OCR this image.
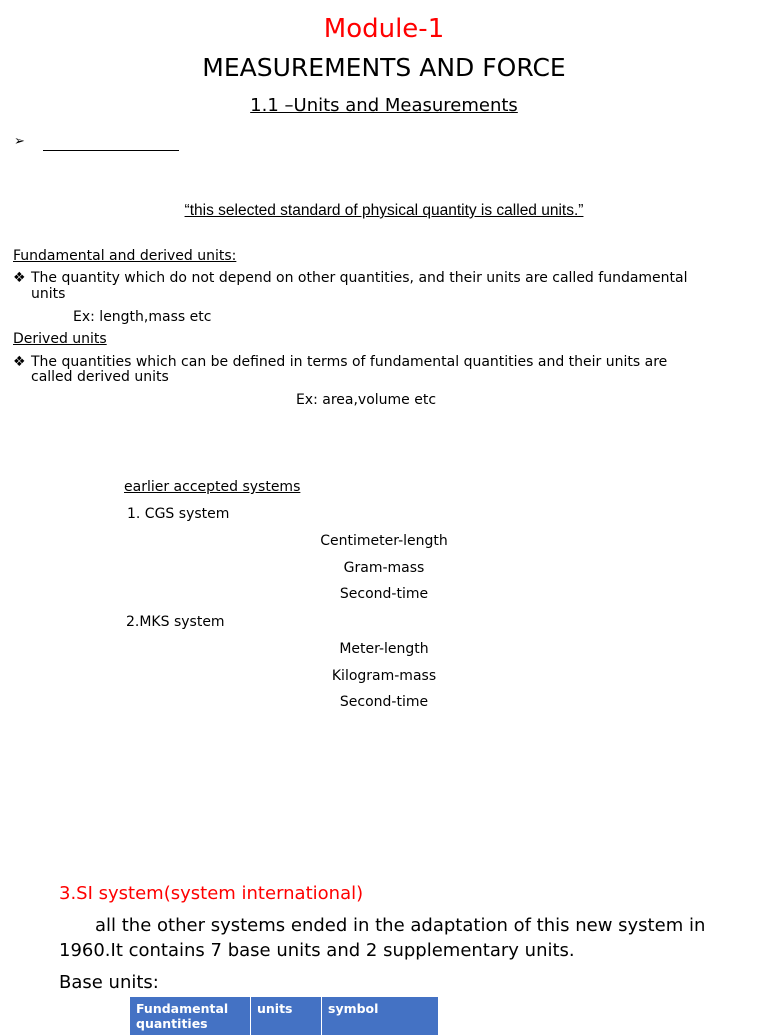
Module-1
MEASUREMENTS AND FORCE
1.1 –Units and Measurements
➢
“this selected standard of physical quantity is called units.”
Fundamental and derived units:
❖ The quantity which do not depend on other quantities, and their units are called fundamental
units
Ex: length,mass etc
Derived units
❖ The quantities which can be defined in terms of fundamental quantities and their units are
called derived units
Ex: area,volume etc
earlier accepted systems
1. CGS system
Centimeter-length
Gram-mass
Second-time
2.MKS system
Meter-length
Kilogram-mass
Second-time
3.SI system(system international)
all the other systems ended in the adaptation of this new system in
1960.It contains 7 base units and 2 supplementary units.
Base units:
Fundamental quantities	units	symbol
